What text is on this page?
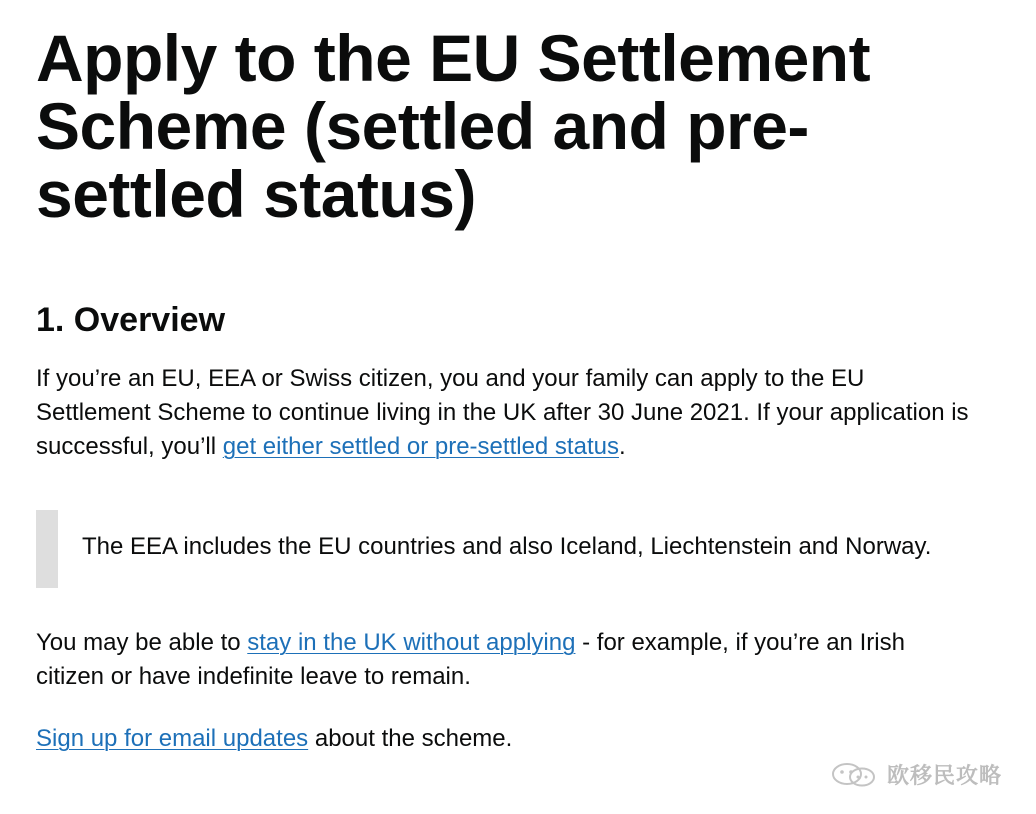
Apply to the EU Settlement Scheme (settled and pre-settled status)
1. Overview

If you’re an EU, EEA or Swiss citizen, you and your family can apply to the EU Settlement Scheme to continue living in the UK after 30 June 2021. If your application is successful, you’ll get either settled or pre-settled status.

The EEA includes the EU countries and also Iceland, Liechtenstein and Norway.

You may be able to stay in the UK without applying - for example, if you’re an Irish citizen or have indefinite leave to remain.

Sign up for email updates about the scheme.

欧移民攻略
